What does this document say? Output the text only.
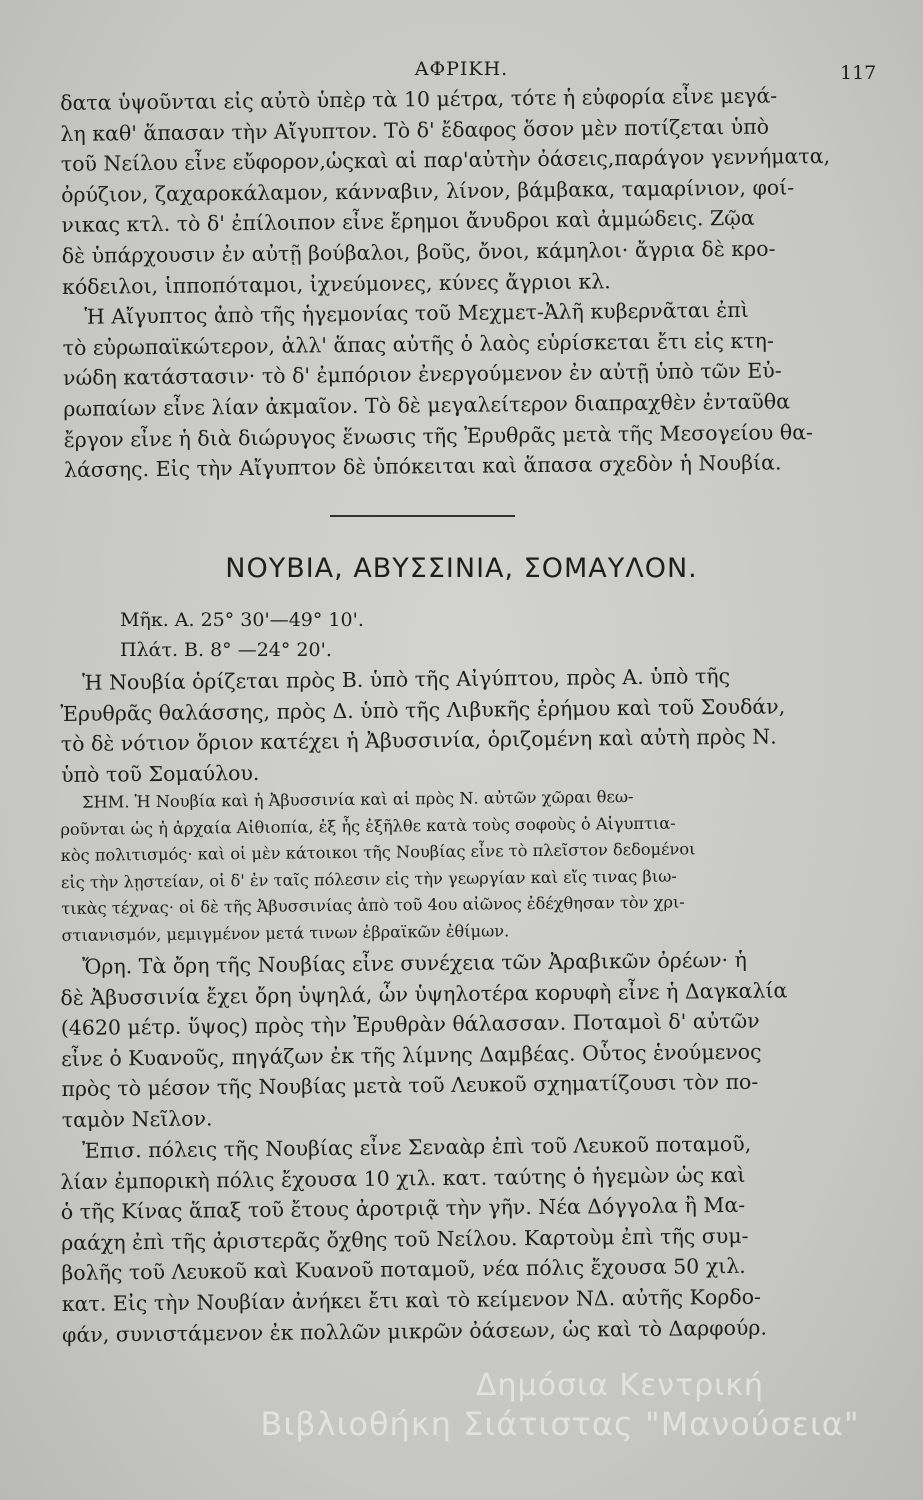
ΑΦΡΙΚΗ.	117
δατα ὑψοῦνται εἰς αὐτὸ ὑπὲρ τὰ 10 μέτρα, τότε ἡ εὐφορία εἶνε μεγά-
λη καθ' ἅπασαν τὴν Αἴγυπτον. Τὸ δ' ἔδαφος ὅσον μὲν ποτίζεται ὑπὸ
τοῦ Νείλου εἶνε εὔφορον,ὡςκαὶ αἱ παρ'αὐτὴν ὀάσεις,παράγον γεννήματα,
ὀρύζιον, ζαχαροκάλαμον, κάνναβιν, λίνον, βάμβακα, ταμαρίνιον, φοί-
νικας κτλ. τὸ δ' ἐπίλοιπον εἶνε ἔρημοι ἄνυδροι καὶ ἀμμώδεις. Ζῷα
δὲ ὑπάρχουσιν ἐν αὐτῇ βούβαλοι, βοῦς, ὄνοι, κάμηλοι· ἄγρια δὲ κρο-
κόδειλοι, ἱπποπόταμοι, ἰχνεύμονες, κύνες ἄγριοι κλ.
Ἡ Αἴγυπτος ἀπὸ τῆς ἡγεμονίας τοῦ Μεχμετ-Ἀλῆ κυβερνᾶται ἐπὶ
τὸ εὐρωπαϊκώτερον, ἀλλ' ἅπας αὐτῆς ὁ λαὸς εὑρίσκεται ἔτι εἰς κτη-
νώδη κατάστασιν· τὸ δ' ἐμπόριον ἐνεργούμενον ἐν αὐτῇ ὑπὸ τῶν Εὐ-
ρωπαίων εἶνε λίαν ἀκμαῖον. Τὸ δὲ μεγαλείτερον διαπραχθὲν ἐνταῦθα
ἔργον εἶνε ἡ διὰ διώρυγος ἕνωσις τῆς Ἐρυθρᾶς μετὰ τῆς Μεσογείου θα-
λάσσης. Εἰς τὴν Αἴγυπτον δὲ ὑπόκειται καὶ ἅπασα σχεδὸν ἡ Νουβία.
ΝΟΥΒΙΑ, ΑΒΥΣΣΙΝΙΑ, ΣΟΜΑΥΛΟΝ.
Μῆκ. Α. 25° 30'—49° 10'.
Πλάτ. Β. 8° —24° 20'.
Ἡ Νουβία ὁρίζεται πρὸς Β. ὑπὸ τῆς Αἰγύπτου, πρὸς Α. ὑπὸ τῆς
Ἐρυθρᾶς θαλάσσης, πρὸς Δ. ὑπὸ τῆς Λιβυκῆς ἐρήμου καὶ τοῦ Σουδάν,
τὸ δὲ νότιον ὅριον κατέχει ἡ Ἀβυσσινία, ὁριζομένη καὶ αὐτὴ πρὸς Ν.
ὑπὸ τοῦ Σομαύλου.
ΣΗΜ. Ἡ Νουβία καὶ ἡ Ἀβυσσινία καὶ αἱ πρὸς Ν. αὐτῶν χῶραι θεω-
ροῦνται ὡς ἡ ἀρχαία Αἰθιοπία, ἐξ ἧς ἐξῆλθε κατὰ τοὺς σοφοὺς ὁ Αἰγυπτια-
κὸς πολιτισμός· καὶ οἱ μὲν κάτοικοι τῆς Νουβίας εἶνε τὸ πλεῖστον δεδομένοι
εἰς τὴν λῃστείαν, οἱ δ' ἐν ταῖς πόλεσιν εἰς τὴν γεωργίαν καὶ εἴς τινας βιω-
τικὰς τέχνας· οἱ δὲ τῆς Ἀβυσσινίας ἀπὸ τοῦ 4ου αἰῶνος ἐδέχθησαν τὸν χρι-
στιανισμόν, μεμιγμένον μετά τινων ἑβραϊκῶν ἐθίμων.
Ὄρη. Τὰ ὄρη τῆς Νουβίας εἶνε συνέχεια τῶν Ἀραβικῶν ὀρέων· ἡ
δὲ Ἀβυσσινία ἔχει ὄρη ὑψηλά, ὧν ὑψηλοτέρα κορυφὴ εἶνε ἡ Δαγκαλία
(4620 μέτρ. ὕψος) πρὸς τὴν Ἐρυθρὰν θάλασσαν. Ποταμοὶ δ' αὐτῶν
εἶνε ὁ Κυανοῦς, πηγάζων ἐκ τῆς λίμνης Δαμβέας. Οὗτος ἑνούμενος
πρὸς τὸ μέσον τῆς Νουβίας μετὰ τοῦ Λευκοῦ σχηματίζουσι τὸν πο-
ταμὸν Νεῖλον.
Ἐπισ. πόλεις τῆς Νουβίας εἶνε Σεναὰρ ἐπὶ τοῦ Λευκοῦ ποταμοῦ,
λίαν ἐμπορικὴ πόλις ἔχουσα 10 χιλ. κατ. ταύτης ὁ ἡγεμὼν ὡς καὶ
ὁ τῆς Κίνας ἅπαξ τοῦ ἔτους ἀροτριᾷ τὴν γῆν. Νέα Δόγγολα ἢ Μα-
ραάχη ἐπὶ τῆς ἀριστερᾶς ὄχθης τοῦ Νείλου. Καρτοὺμ ἐπὶ τῆς συμ-
βολῆς τοῦ Λευκοῦ καὶ Κυανοῦ ποταμοῦ, νέα πόλις ἔχουσα 50 χιλ.
κατ. Εἰς τὴν Νουβίαν ἀνήκει ἔτι καὶ τὸ κείμενον ΝΔ. αὐτῆς Κορδο-
φάν, συνιστάμενον ἐκ πολλῶν μικρῶν ὀάσεων, ὡς καὶ τὸ Δαρφούρ.
Δημόσια Κεντρική
Βιβλιοθήκη Σιάτιστας "Μανούσεια"
